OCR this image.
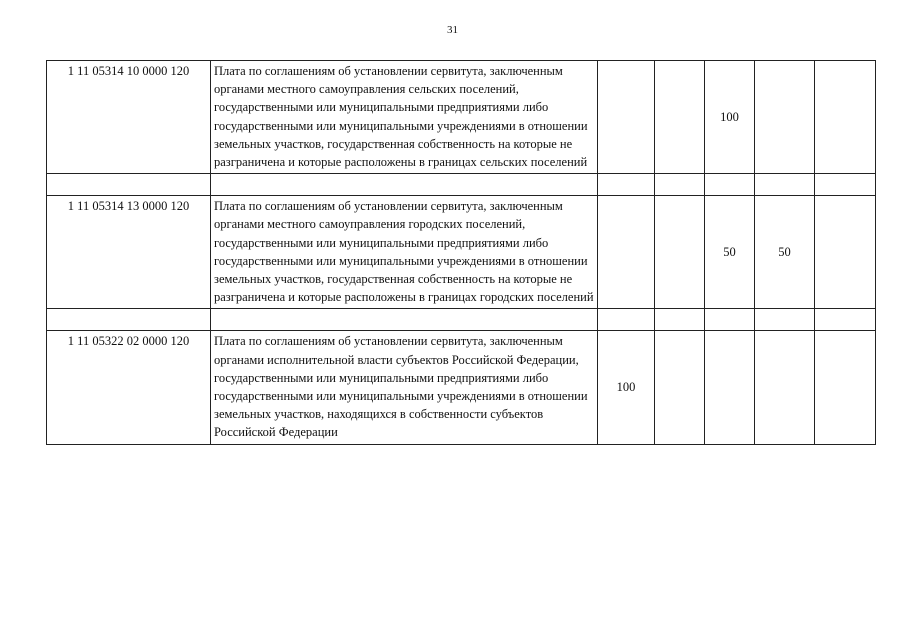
31
1 11 05314 10 0000 120	Плата по соглашениям об установлении сервитута, заключенным органами местного самоуправления сельских поселений, государственными или муниципальными предприятиями либо государственными или муниципальными учреждениями в отношении земельных участков, государственная собственность на которые не разграничена и которые расположены в границах сельских поселений			100		

1 11 05314 13 0000 120	Плата по соглашениям об установлении сервитута, заключенным органами местного самоуправления городских поселений, государственными или муниципальными предприятиями либо государственными или муниципальными учреждениями в отношении земельных участков, государственная собственность на которые не разграничена и которые расположены в границах городских поселений			50	50	

1 11 05322 02 0000 120	Плата по соглашениям об установлении сервитута, заключенным органами исполнительной власти субъектов Российской Федерации, государственными или муниципальными предприятиями либо государственными или муниципальными учреждениями в отношении земельных участков, находящихся в собственности субъектов Российской Федерации	100				
